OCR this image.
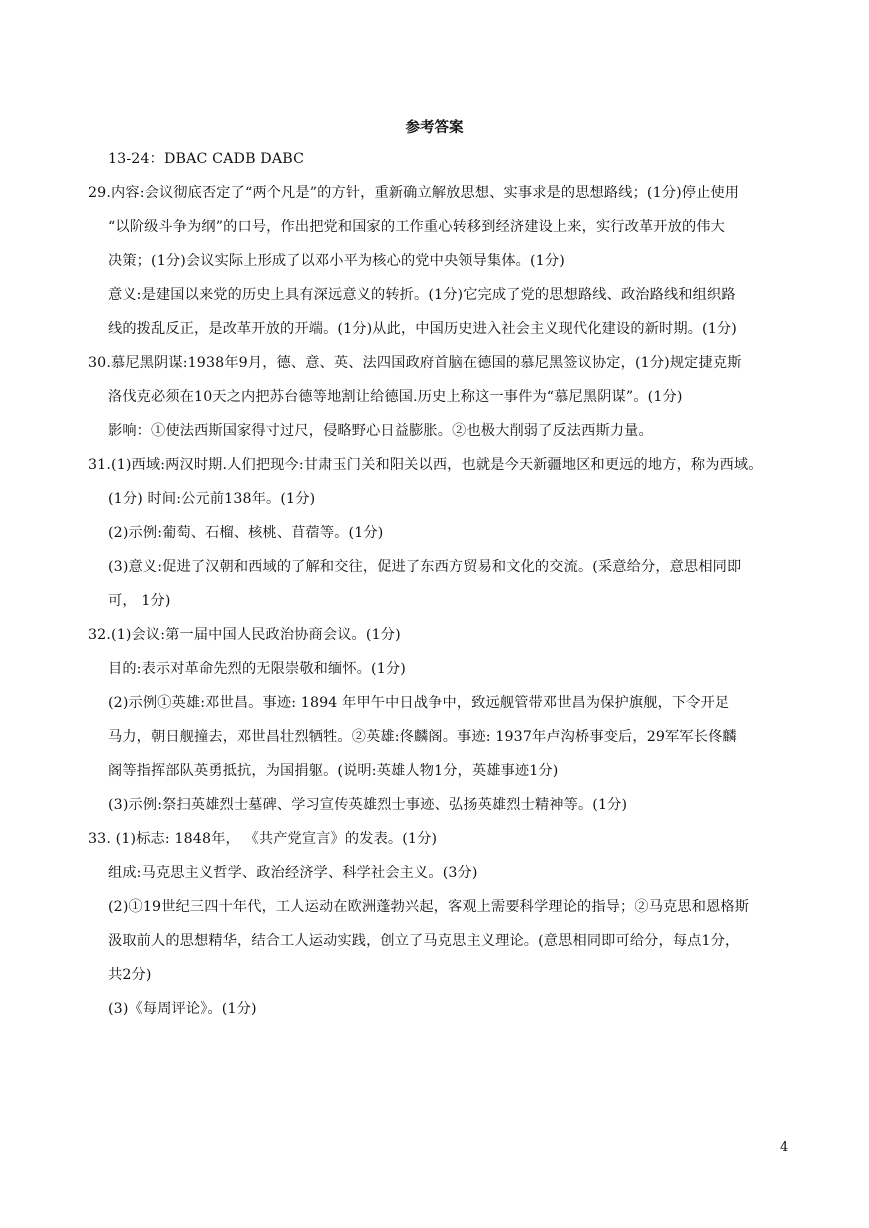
参考答案
13-24：DBAC CADB DABC
29.内容:会议彻底否定了“两个凡是”的方针，重新确立解放思想、实事求是的思想路线；(1分)停止使用
“以阶级斗争为纲”的口号，作出把党和国家的工作重心转移到经济建设上来，实行改革开放的伟大
决策；(1分)会议实际上形成了以邓小平为核心的党中央领导集体。(1分)
意义:是建国以来党的历史上具有深远意义的转折。(1分)它完成了党的思想路线、政治路线和组织路
线的拨乱反正，是改革开放的开端。(1分)从此，中国历史进入社会主义现代化建设的新时期。(1分)
30.慕尼黑阴谋:1938年9月，德、意、英、法四国政府首脑在德国的慕尼黑签议协定，(1分)规定捷克斯
洛伐克必须在10天之内把苏台德等地割让给德国.历史上称这一事件为“慕尼黑阴谋”。(1分)
影响：①使法西斯国家得寸过尺，侵略野心日益膨胀。②也极大削弱了反法西斯力量。
31.(1)西域:两汉时期.人们把现今:甘肃玉门关和阳关以西，也就是今天新疆地区和更远的地方，称为西域。
(1分) 时间:公元前138年。(1分)
(2)示例:葡萄、石榴、核桃、苜蓿等。(1分)
(3)意义:促进了汉朝和西域的了解和交往，促进了东西方贸易和文化的交流。(采意给分，意思相同即
可， 1分)
32.(1)会议:第一届中国人民政治协商会议。(1分)
目的:表示对革命先烈的无限崇敬和缅怀。(1分)
(2)示例①英雄:邓世昌。事迹: 1894 年甲午中日战争中，致远舰管带邓世昌为保护旗舰，下令开足
马力，朝日舰撞去，邓世昌壮烈牺牲。②英雄:佟麟阁。事迹: 1937年卢沟桥事变后，29军军长佟麟
阁等指挥部队英勇抵抗，为国捐躯。(说明:英雄人物1分，英雄事迹1分)
(3)示例:祭扫英雄烈士墓碑、学习宣传英雄烈士事迹、弘扬英雄烈士精神等。(1分)
33. (1)标志: 1848年， 《共产党宣言》的发表。(1分)
组成:马克思主义哲学、政治经济学、科学社会主义。(3分)
(2)①19世纪三四十年代，工人运动在欧洲蓬勃兴起，客观上需要科学理论的指导；②马克思和恩格斯
汲取前人的思想精华，结合工人运动实践，创立了马克思主义理论。(意思相同即可给分，每点1分，
共2分)
(3)《每周评论》。(1分)
4
